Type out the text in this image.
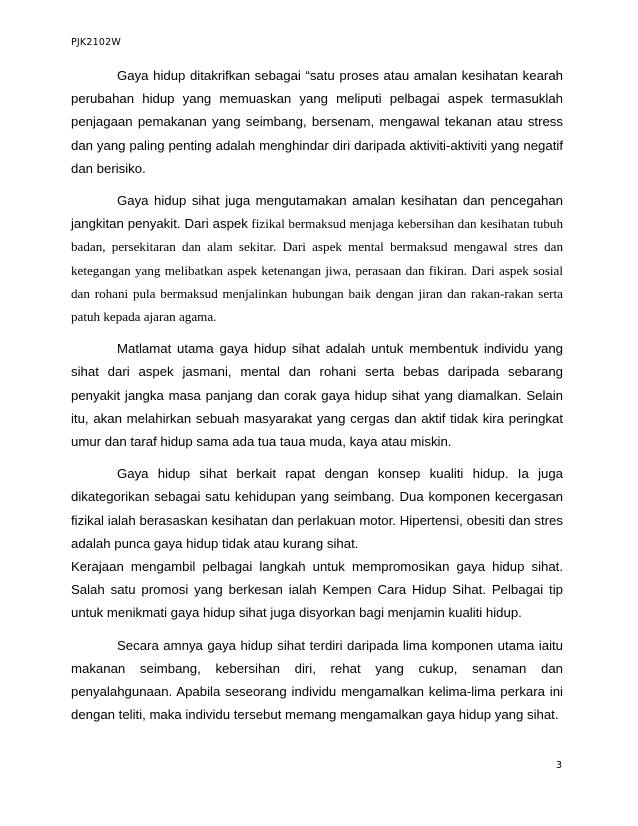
PJK2102W

Gaya hidup ditakrifkan sebagai “satu proses atau amalan kesihatan kearah perubahan hidup yang memuaskan yang meliputi pelbagai aspek termasuklah penjagaan pemakanan yang seimbang, bersenam, mengawal tekanan atau stress dan yang paling penting adalah menghindar diri daripada aktiviti-aktiviti yang negatif dan berisiko.

Gaya hidup sihat juga mengutamakan amalan kesihatan dan pencegahan jangkitan penyakit. Dari aspek fizikal bermaksud menjaga kebersihan dan kesihatan tubuh badan, persekitaran dan alam sekitar. Dari aspek mental bermaksud mengawal stres dan ketegangan yang melibatkan aspek ketenangan jiwa, perasaan dan fikiran. Dari aspek sosial dan rohani pula bermaksud menjalinkan hubungan baik dengan jiran dan rakan-rakan serta patuh kepada ajaran agama.

Matlamat utama gaya hidup sihat adalah untuk membentuk individu yang sihat dari aspek jasmani, mental dan rohani serta bebas daripada sebarang penyakit jangka masa panjang dan corak gaya hidup sihat yang diamalkan. Selain itu, akan melahirkan sebuah masyarakat yang cergas dan aktif tidak kira peringkat umur dan taraf hidup sama ada tua taua muda, kaya atau miskin.

Gaya hidup sihat berkait rapat dengan konsep kualiti hidup. Ia juga dikategorikan sebagai satu kehidupan yang seimbang. Dua komponen kecergasan fizikal ialah berasaskan kesihatan dan perlakuan motor. Hipertensi, obesiti dan stres adalah punca gaya hidup tidak atau kurang sihat.

Kerajaan mengambil pelbagai langkah untuk mempromosikan gaya hidup sihat. Salah satu promosi yang berkesan ialah Kempen Cara Hidup Sihat. Pelbagai tip untuk menikmati gaya hidup sihat juga disyorkan bagi menjamin kualiti hidup.

Secara amnya gaya hidup sihat terdiri daripada lima komponen utama iaitu makanan seimbang, kebersihan diri, rehat yang cukup, senaman dan penyalahgunaan. Apabila seseorang individu mengamalkan kelima-lima perkara ini dengan teliti, maka individu tersebut memang mengamalkan gaya hidup yang sihat.

3
